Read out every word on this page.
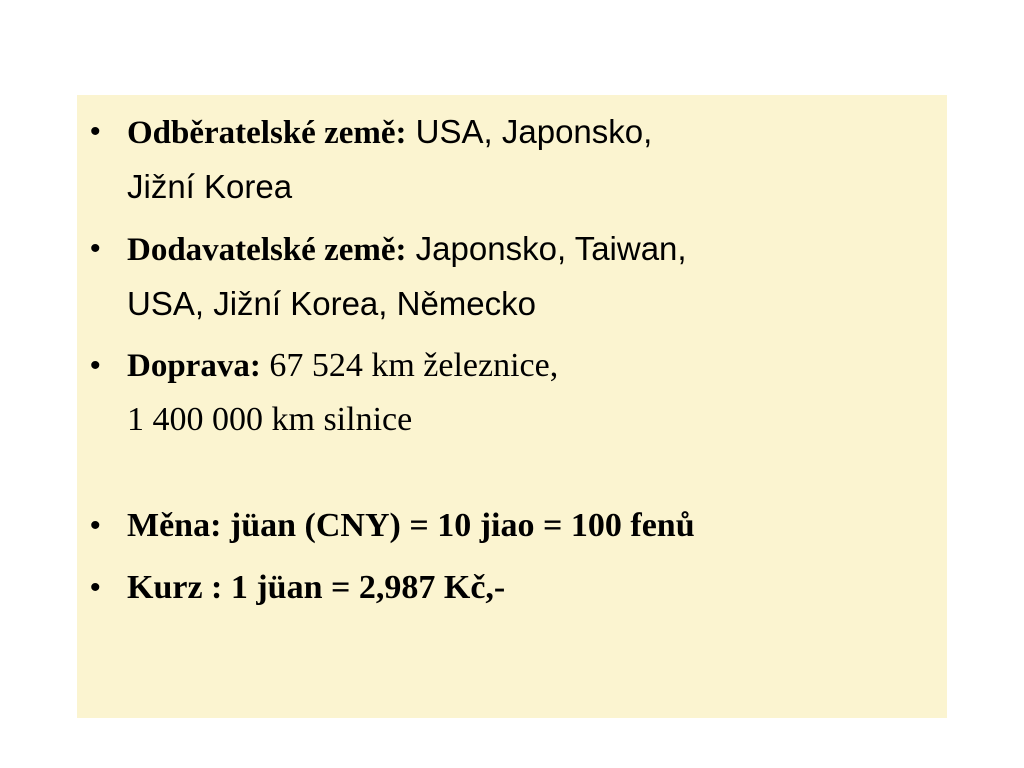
• Odběratelské země: USA, Japonsko,
Jižní Korea
• Dodavatelské země: Japonsko, Taiwan,
USA, Jižní Korea, Německo
• Doprava: 67 524 km železnice,
1 400 000 km silnice
• Měna: jüan (CNY) = 10 jiao = 100 fenů
• Kurz : 1 jüan = 2,987 Kč,-
